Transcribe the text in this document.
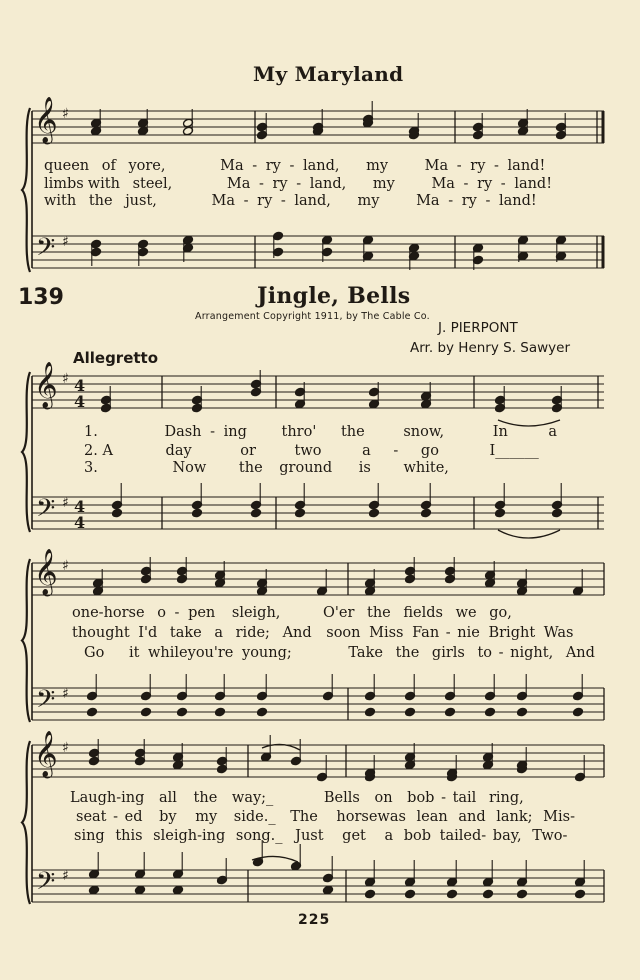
𝄞 ♯
𝄢 ♯
𝄞 ♯ 4
4
𝄢 ♯ 4
4
𝄞 ♯
𝄢 ♯
𝄞 ♯
𝄢 ♯
My Maryland
queen of yore,	Ma - ry - land, my	Ma - ry - land!
limbs with steel,	Ma - ry - land, my	Ma - ry - land!
with the just,	Ma - ry - land, my	Ma - ry - land!
139	Jingle, Bells
Arrangement Copyright 1911, by The Cable Co.
J. PIERPONT
Arr. by Henry S. Sawyer
Allegretto
1.	Dash - ing thro' the	snow,	In	a
2. A	day	or	two	a - go	I______
3.	Now the ground is white,
one-horse o - pen sleigh,	O'er the fields we go,
thought I'd take a ride; And soon Miss Fan - nie Bright Was
Go it whileyou're young;	Take the girls to - night, And
Laugh-ing all the way;_	Bells on bob - tail ring,
seat - ed by my side._ The horsewas lean and lank; Mis-
sing this sleigh-ing song._ Just get a bob tailed- bay, Two-
225
